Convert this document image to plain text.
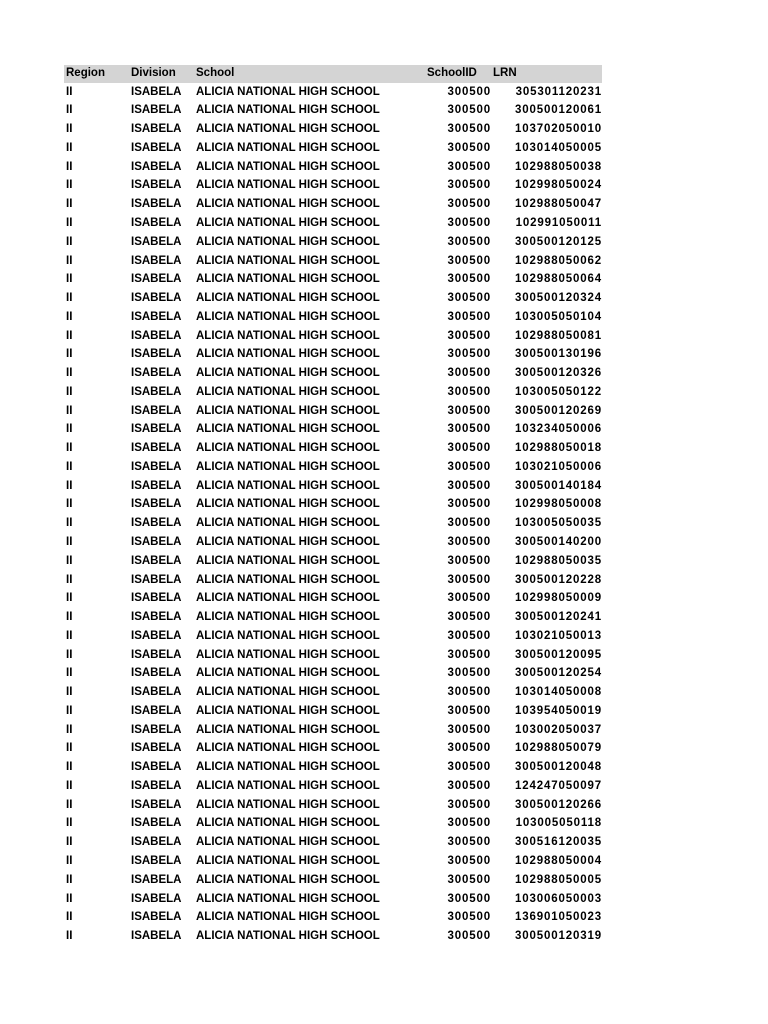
Region	Division	School	SchoolID	LRN
II	ISABELA	ALICIA NATIONAL HIGH SCHOOL	300500	305301120231
II	ISABELA	ALICIA NATIONAL HIGH SCHOOL	300500	300500120061
II	ISABELA	ALICIA NATIONAL HIGH SCHOOL	300500	103702050010
II	ISABELA	ALICIA NATIONAL HIGH SCHOOL	300500	103014050005
II	ISABELA	ALICIA NATIONAL HIGH SCHOOL	300500	102988050038
II	ISABELA	ALICIA NATIONAL HIGH SCHOOL	300500	102998050024
II	ISABELA	ALICIA NATIONAL HIGH SCHOOL	300500	102988050047
II	ISABELA	ALICIA NATIONAL HIGH SCHOOL	300500	102991050011
II	ISABELA	ALICIA NATIONAL HIGH SCHOOL	300500	300500120125
II	ISABELA	ALICIA NATIONAL HIGH SCHOOL	300500	102988050062
II	ISABELA	ALICIA NATIONAL HIGH SCHOOL	300500	102988050064
II	ISABELA	ALICIA NATIONAL HIGH SCHOOL	300500	300500120324
II	ISABELA	ALICIA NATIONAL HIGH SCHOOL	300500	103005050104
II	ISABELA	ALICIA NATIONAL HIGH SCHOOL	300500	102988050081
II	ISABELA	ALICIA NATIONAL HIGH SCHOOL	300500	300500130196
II	ISABELA	ALICIA NATIONAL HIGH SCHOOL	300500	300500120326
II	ISABELA	ALICIA NATIONAL HIGH SCHOOL	300500	103005050122
II	ISABELA	ALICIA NATIONAL HIGH SCHOOL	300500	300500120269
II	ISABELA	ALICIA NATIONAL HIGH SCHOOL	300500	103234050006
II	ISABELA	ALICIA NATIONAL HIGH SCHOOL	300500	102988050018
II	ISABELA	ALICIA NATIONAL HIGH SCHOOL	300500	103021050006
II	ISABELA	ALICIA NATIONAL HIGH SCHOOL	300500	300500140184
II	ISABELA	ALICIA NATIONAL HIGH SCHOOL	300500	102998050008
II	ISABELA	ALICIA NATIONAL HIGH SCHOOL	300500	103005050035
II	ISABELA	ALICIA NATIONAL HIGH SCHOOL	300500	300500140200
II	ISABELA	ALICIA NATIONAL HIGH SCHOOL	300500	102988050035
II	ISABELA	ALICIA NATIONAL HIGH SCHOOL	300500	300500120228
II	ISABELA	ALICIA NATIONAL HIGH SCHOOL	300500	102998050009
II	ISABELA	ALICIA NATIONAL HIGH SCHOOL	300500	300500120241
II	ISABELA	ALICIA NATIONAL HIGH SCHOOL	300500	103021050013
II	ISABELA	ALICIA NATIONAL HIGH SCHOOL	300500	300500120095
II	ISABELA	ALICIA NATIONAL HIGH SCHOOL	300500	300500120254
II	ISABELA	ALICIA NATIONAL HIGH SCHOOL	300500	103014050008
II	ISABELA	ALICIA NATIONAL HIGH SCHOOL	300500	103954050019
II	ISABELA	ALICIA NATIONAL HIGH SCHOOL	300500	103002050037
II	ISABELA	ALICIA NATIONAL HIGH SCHOOL	300500	102988050079
II	ISABELA	ALICIA NATIONAL HIGH SCHOOL	300500	300500120048
II	ISABELA	ALICIA NATIONAL HIGH SCHOOL	300500	124247050097
II	ISABELA	ALICIA NATIONAL HIGH SCHOOL	300500	300500120266
II	ISABELA	ALICIA NATIONAL HIGH SCHOOL	300500	103005050118
II	ISABELA	ALICIA NATIONAL HIGH SCHOOL	300500	300516120035
II	ISABELA	ALICIA NATIONAL HIGH SCHOOL	300500	102988050004
II	ISABELA	ALICIA NATIONAL HIGH SCHOOL	300500	102988050005
II	ISABELA	ALICIA NATIONAL HIGH SCHOOL	300500	103006050003
II	ISABELA	ALICIA NATIONAL HIGH SCHOOL	300500	136901050023
II	ISABELA	ALICIA NATIONAL HIGH SCHOOL	300500	300500120319
